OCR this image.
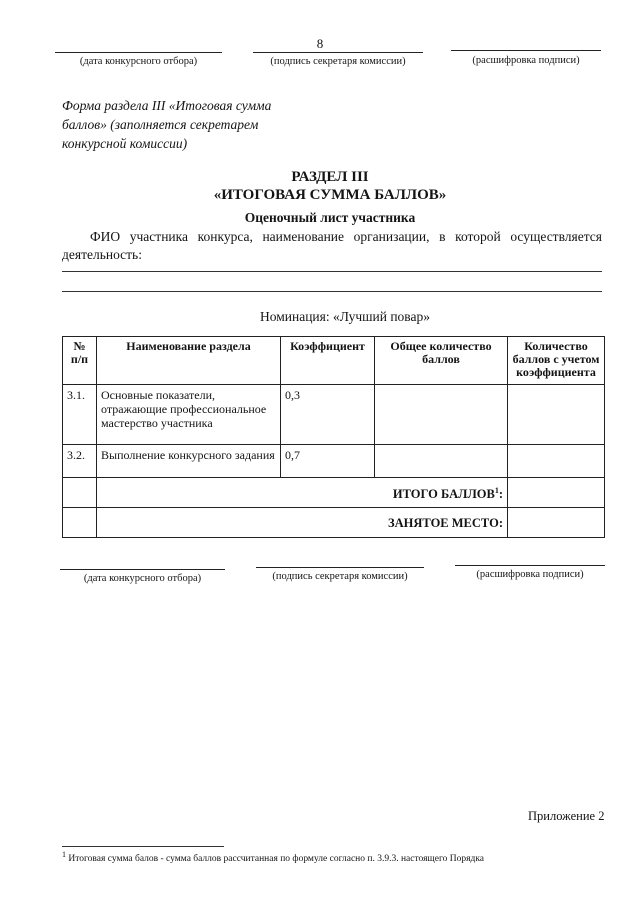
8
(дата конкурсного отбора)	(подпись секретаря комиссии)	(расшифровка подписи)
Форма раздела III «Итоговая сумма баллов» (заполняется секретарем конкурсной комиссии)
РАЗДЕЛ III
«ИТОГОВАЯ СУММА БАЛЛОВ»
Оценочный лист участника
ФИО участника конкурса, наименование организации, в которой осуществляется деятельность:
Номинация: «Лучший повар»
№ п/п	Наименование раздела	Коэффициент	Общее количество баллов	Количество баллов с учетом коэффициента
3.1.	Основные показатели, отражающие профессиональное мастерство участника	0,3		
3.2.	Выполнение конкурсного задания	0,7		
	ИТОГО БАЛЛОВ$^1$:			
	ЗАНЯТОЕ МЕСТО:			
(дата конкурсного отбора)	(подпись секретаря комиссии)	(расшифровка подписи)
Приложение 2
$^1$ Итоговая сумма балов - сумма баллов рассчитанная по формуле согласно п. 3.9.3. настоящего Порядка
